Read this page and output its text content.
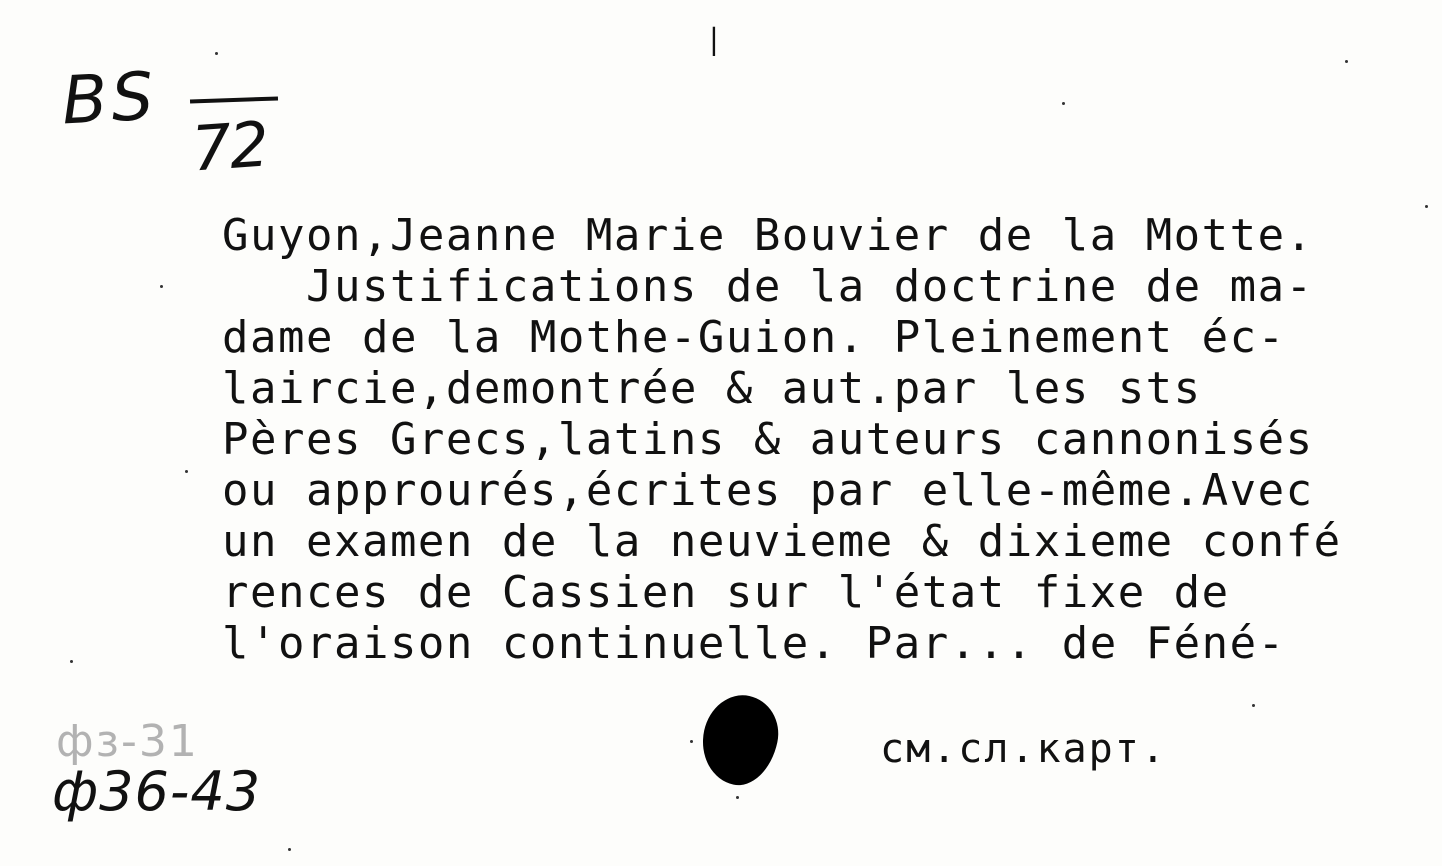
I
BS
72
Guyon,Jeanne Marie Bouvier de la Motte.
Justifications de la doctrine de ma-
dame de la Mothe-Guion. Pleinement éc-
laircie,demontrée & aut.par les sts
Pères Grecs,latins & auteurs cannonisés
ou approurés,écrites par elle-même.Avec
un examen de la neuvieme & dixieme confé
rences de Cassien sur l'état fixe de
l'oraison continuelle. Par... de Féné-
см.сл.карт.
фз-31
ф36-43
